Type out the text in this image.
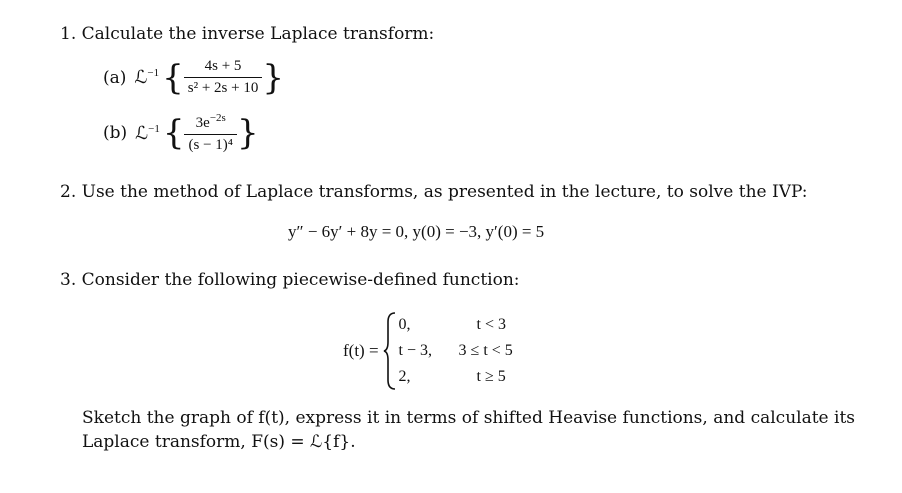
1. Calculate the inverse Laplace transform:
(a) ℒ$^{-1}$ { $\frac{4s + 5}{\text{s² + 2s + 10}}$ }
(b) ℒ$^{-1}$ { $\frac{3e^{-2s}}{\text{(s − 1)⁴}}$ }
2. Use the method of Laplace transforms, as presented in the lecture, to solve the IVP:
y″ − 6y′ + 8y = 0, y(0) = −3, y′(0) = 5
3. Consider the following piecewise-defined function:
f(t) =
0,
t − 3,
2,
t < 3
3 ≤ t < 5
t ≥ 5
Sketch the graph of f(t), express it in terms of shifted Heavise functions, and calculate its
Laplace transform, F(s) = ℒ{f}.
